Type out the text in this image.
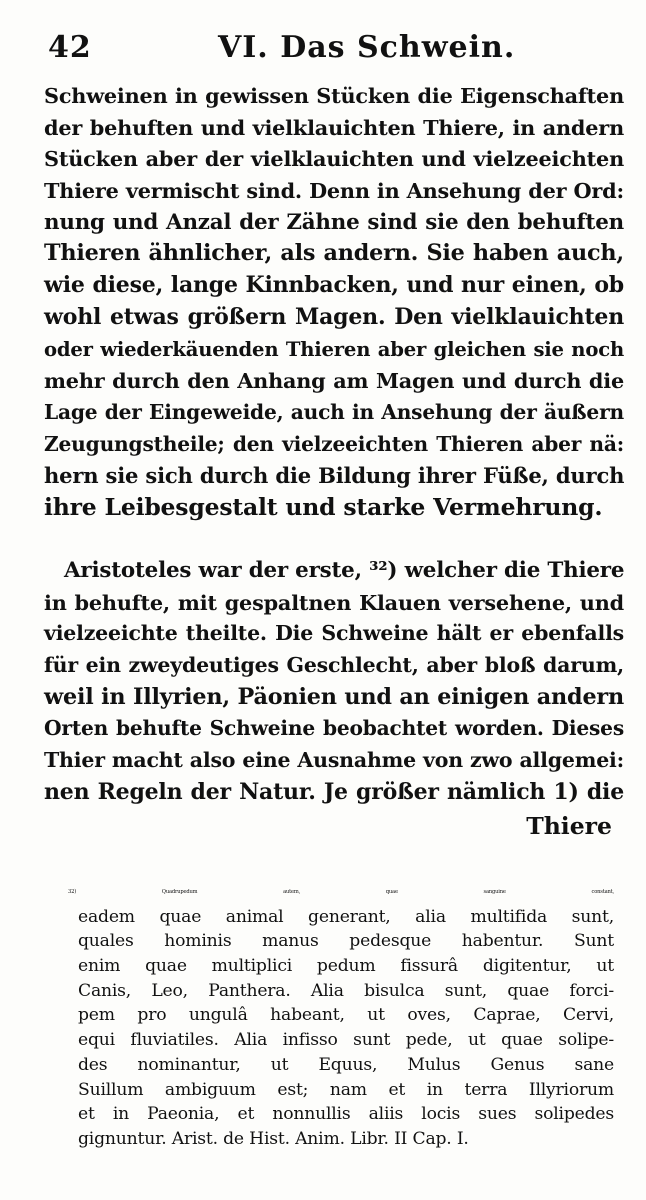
42	VI. Das Schwein.
Schweinen in gewissen Stücken die Eigenschaften
der behuften und vielklauichten Thiere, in andern
Stücken aber der vielklauichten und vielzeeichten
Thiere vermischt sind. Denn in Ansehung der Ord:
nung und Anzal der Zähne sind sie den behuften
Thieren ähnlicher, als andern. Sie haben auch,
wie diese, lange Kinnbacken, und nur einen, ob
wohl etwas größern Magen. Den vielklauichten
oder wiederkäuenden Thieren aber gleichen sie noch
mehr durch den Anhang am Magen und durch die
Lage der Eingeweide, auch in Ansehung der äußern
Zeugungstheile; den vielzeeichten Thieren aber nä:
hern sie sich durch die Bildung ihrer Füße, durch
ihre Leibesgestalt und starke Vermehrung.
Aristoteles war der erste, ³²) welcher die Thiere
in behufte, mit gespaltnen Klauen versehene, und
vielzeeichte theilte. Die Schweine hält er ebenfalls
für ein zweydeutiges Geschlecht, aber bloß darum,
weil in Illyrien, Päonien und an einigen andern
Orten behufte Schweine beobachtet worden. Dieses
Thier macht also eine Ausnahme von zwo allgemei:
nen Regeln der Natur. Je größer nämlich 1) die
Thiere
32) Quadrupedum autem, quae sanguine constant,
eadem quae animal generant, alia multifida sunt,
quales hominis manus pedesque habentur. Sunt
enim quae multiplici pedum fissurâ digitentur, ut
Canis, Leo, Panthera. Alia bisulca sunt, quae forci-
pem pro ungulâ habeant, ut oves, Caprae, Cervi,
equi fluviatiles. Alia infisso sunt pede, ut quae solipe-
des nominantur, ut Equus, Mulus Genus sane
Suillum ambiguum est; nam et in terra Illyriorum
et in Paeonia, et nonnullis aliis locis sues solipedes
gignuntur. Arist. de Hist. Anim. Libr. II Cap. I.
